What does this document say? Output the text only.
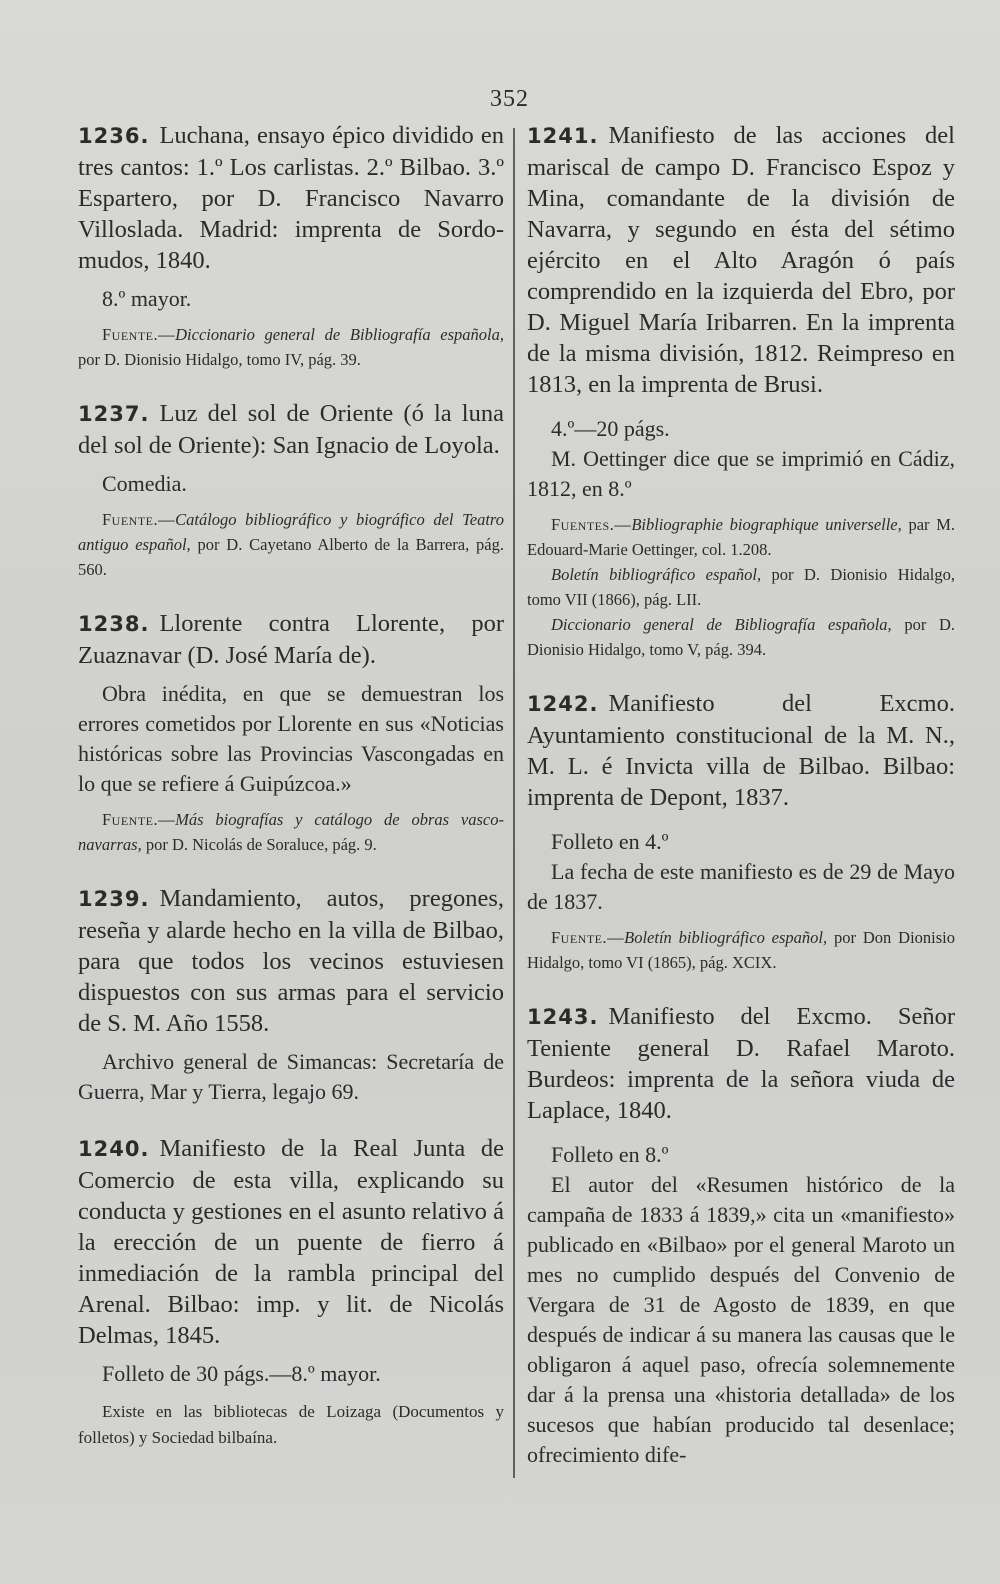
352

1236. Luchana, ensayo épico dividido en tres cantos: 1.º Los carlistas. 2.º Bilbao. 3.º Espartero, por D. Francisco Navarro Villoslada. Madrid: imprenta de Sordo-mudos, 1840.

8.º mayor.

Fuente.—Diccionario general de Bibliografía española, por D. Dionisio Hidalgo, tomo IV, pág. 39.

1237. Luz del sol de Oriente (ó la luna del sol de Oriente): San Ignacio de Loyola.

Comedia.

Fuente.—Catálogo bibliográfico y biográfico del Teatro antiguo español, por D. Cayetano Alberto de la Barrera, pág. 560.

1238. Llorente contra Llorente, por Zuaznavar (D. José María de).

Obra inédita, en que se demuestran los errores cometidos por Llorente en sus «Noticias históricas sobre las Provincias Vascongadas en lo que se refiere á Guipúzcoa.»

Fuente.—Más biografías y catálogo de obras vasco-navarras, por D. Nicolás de Soraluce, pág. 9.

1239. Mandamiento, autos, pregones, reseña y alarde hecho en la villa de Bilbao, para que todos los vecinos estuviesen dispuestos con sus armas para el servicio de S. M. Año 1558.

Archivo general de Simancas: Secretaría de Guerra, Mar y Tierra, legajo 69.

1240. Manifiesto de la Real Junta de Comercio de esta villa, explicando su conducta y gestiones en el asunto relativo á la erección de un puente de fierro á inmediación de la rambla principal del Arenal. Bilbao: imp. y lit. de Nicolás Delmas, 1845.

Folleto de 30 págs.—8.º mayor.

Existe en las bibliotecas de Loizaga (Documentos y folletos) y Sociedad bilbaína.

1241. Manifiesto de las acciones del mariscal de campo D. Francisco Espoz y Mina, comandante de la división de Navarra, y segundo en ésta del sétimo ejército en el Alto Aragón ó país comprendido en la izquierda del Ebro, por D. Miguel María Iribarren. En la imprenta de la misma división, 1812. Reimpreso en 1813, en la imprenta de Brusi.

4.º—20 págs.

M. Oettinger dice que se imprimió en Cádiz, 1812, en 8.º

Fuentes.—Bibliographie biographique universelle, par M. Edouard-Marie Oettinger, col. 1.208.

Boletín bibliográfico español, por D. Dionisio Hidalgo, tomo VII (1866), pág. LII.

Diccionario general de Bibliografía española, por D. Dionisio Hidalgo, tomo V, pág. 394.

1242. Manifiesto del Excmo. Ayuntamiento constitucional de la M. N., M. L. é Invicta villa de Bilbao. Bilbao: imprenta de Depont, 1837.

Folleto en 4.º

La fecha de este manifiesto es de 29 de Mayo de 1837.

Fuente.—Boletín bibliográfico español, por Don Dionisio Hidalgo, tomo VI (1865), pág. XCIX.

1243. Manifiesto del Excmo. Señor Teniente general D. Rafael Maroto. Burdeos: imprenta de la señora viuda de Laplace, 1840.

Folleto en 8.º

El autor del «Resumen histórico de la campaña de 1833 á 1839,» cita un «manifiesto» publicado en «Bilbao» por el general Maroto un mes no cumplido después del Convenio de Vergara de 31 de Agosto de 1839, en que después de indicar á su manera las causas que le obligaron á aquel paso, ofrecía solemnemente dar á la prensa una «historia detallada» de los sucesos que habían producido tal desenlace; ofrecimiento dife-
